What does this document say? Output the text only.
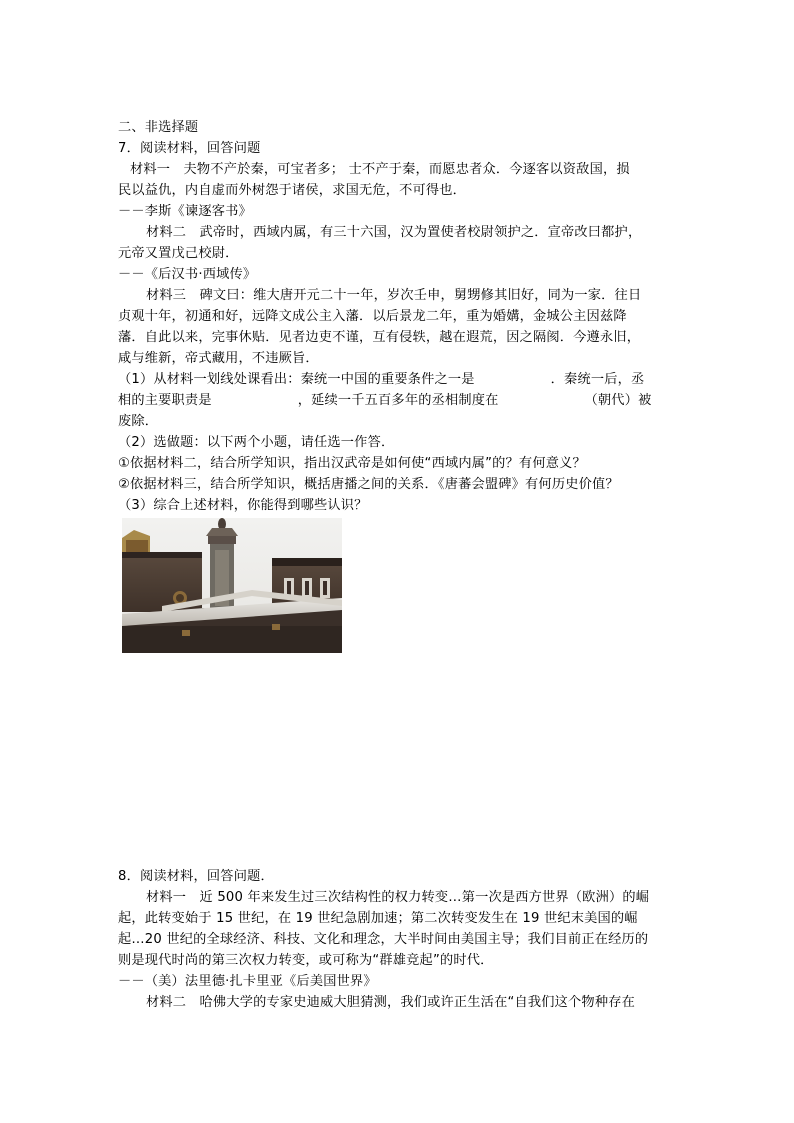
二、非选择题
7．阅读材料，回答问题
材料一　夫物不产於秦，可宝者多； 士不产于秦，而愿忠者众．今逐客以资敌国，损
民以益仇，内自虚而外树怨于诸侯，求国无危，不可得也．
－－李斯《谏逐客书》
材料二　武帝时，西域内属，有三十六国，汉为置使者校尉领护之．宣帝改曰都护，
元帝又置戊己校尉．
－－《后汉书·西域传》
材料三　碑文曰：维大唐开元二十一年，岁次壬申，舅甥修其旧好，同为一家．往日
贞观十年，初通和好，远降文成公主入藩．以后景龙二年，重为婚媾，金城公主因兹降
藩．自此以来，完事休贴．见者边吏不谨，互有侵轶，越在遐荒，因之隔阂．今遵永旧，
咸与维新，帝式藏用，不违厥旨．
（1）从材料一划线处课看出：秦统一中国的重要条件之一是	．秦统一后，丞
相的主要职责是	，延续一千五百多年的丞相制度在	（朝代）被
废除．
（2）选做题：以下两个小题，请任选一作答．
①依据材料二，结合所学知识，指出汉武帝是如何使“西域内属”的？有何意义？
②依据材料三，结合所学知识，概括唐播之间的关系．《唐蕃会盟碑》有何历史价值？
（3）综合上述材料，你能得到哪些认识？
8．阅读材料，回答问题．
材料一　近 500 年来发生过三次结构性的权力转变…第一次是西方世界（欧洲）的崛
起，此转变始于 15 世纪，在 19 世纪急剧加速；第二次转变发生在 19 世纪末美国的崛
起…20 世纪的全球经济、科技、文化和理念，大半时间由美国主导；我们目前正在经历的
则是现代时尚的第三次权力转变，或可称为“群雄竞起”的时代．
－－（美）法里德·扎卡里亚《后美国世界》
材料二　哈佛大学的专家史迪威大胆猜测，我们或许正生活在“自我们这个物种存在
